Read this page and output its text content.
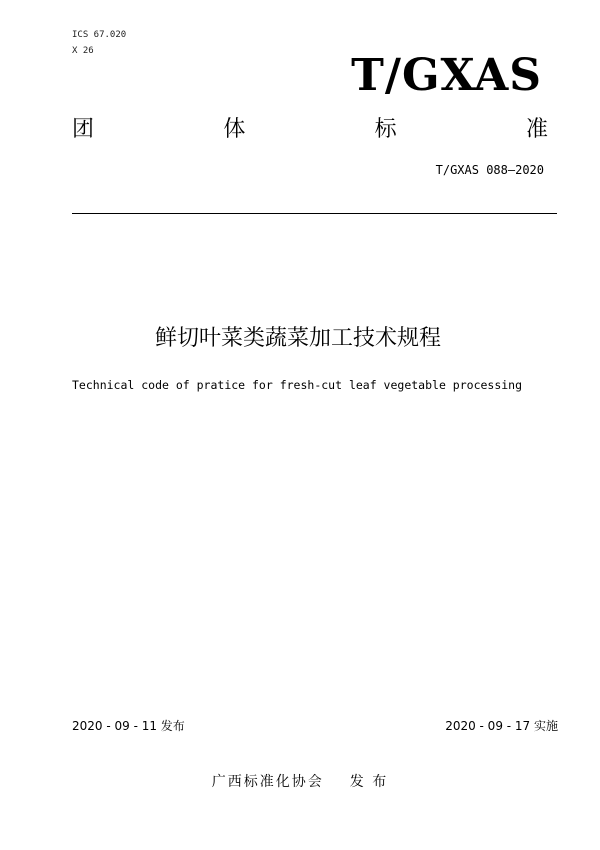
ICS 67.020
X 26	T/GXAS
团	体	标	准
T/GXAS 088—2020
鲜切叶菜类蔬菜加工技术规程
Technical code of pratice for fresh-cut leaf vegetable processing
2020 - 09 - 11 发布	2020 - 09 - 17 实施
广西标准化协会 发 布
